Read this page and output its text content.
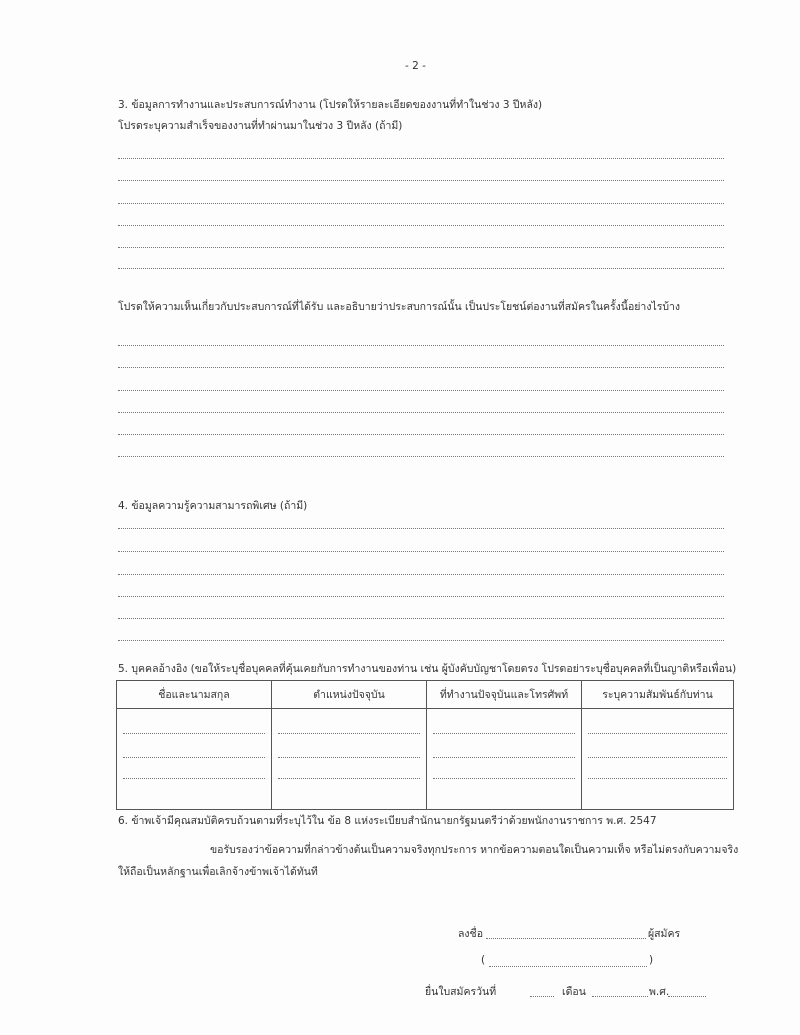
- 2 -
3. ข้อมูลการทำงานและประสบการณ์ทำงาน (โปรดให้รายละเอียดของงานที่ทำในช่วง 3 ปีหลัง)
โปรดระบุความสำเร็จของงานที่ทำผ่านมาในช่วง 3 ปีหลัง (ถ้ามี)
โปรดให้ความเห็นเกี่ยวกับประสบการณ์ที่ได้รับ และอธิบายว่าประสบการณ์นั้น เป็นประโยชน์ต่องานที่สมัครในครั้งนี้อย่างไรบ้าง
4. ข้อมูลความรู้ความสามารถพิเศษ (ถ้ามี)
5. บุคคลอ้างอิง (ขอให้ระบุชื่อบุคคลที่คุ้นเคยกับการทำงานของท่าน เช่น ผู้บังคับบัญชาโดยตรง โปรดอย่าระบุชื่อบุคคลที่เป็นญาติหรือเพื่อน)
ชื่อและนามสกุล	ตำแหน่งปัจจุบัน	ที่ทำงานปัจจุบันและโทรศัพท์	ระบุความสัมพันธ์กับท่าน

6. ข้าพเจ้ามีคุณสมบัติครบถ้วนตามที่ระบุไว้ใน ข้อ 8 แห่งระเบียบสำนักนายกรัฐมนตรีว่าด้วยพนักงานราชการ พ.ศ. 2547
ขอรับรองว่าข้อความที่กล่าวข้างต้นเป็นความจริงทุกประการ หากข้อความตอนใดเป็นความเท็จ หรือไม่ตรงกับความจริง
ให้ถือเป็นหลักฐานเพื่อเลิกจ้างข้าพเจ้าได้ทันที
ลงชื่อ	ผู้สมัคร
(	)
ยื่นใบสมัครวันที่	เดือน	พ.ศ.
